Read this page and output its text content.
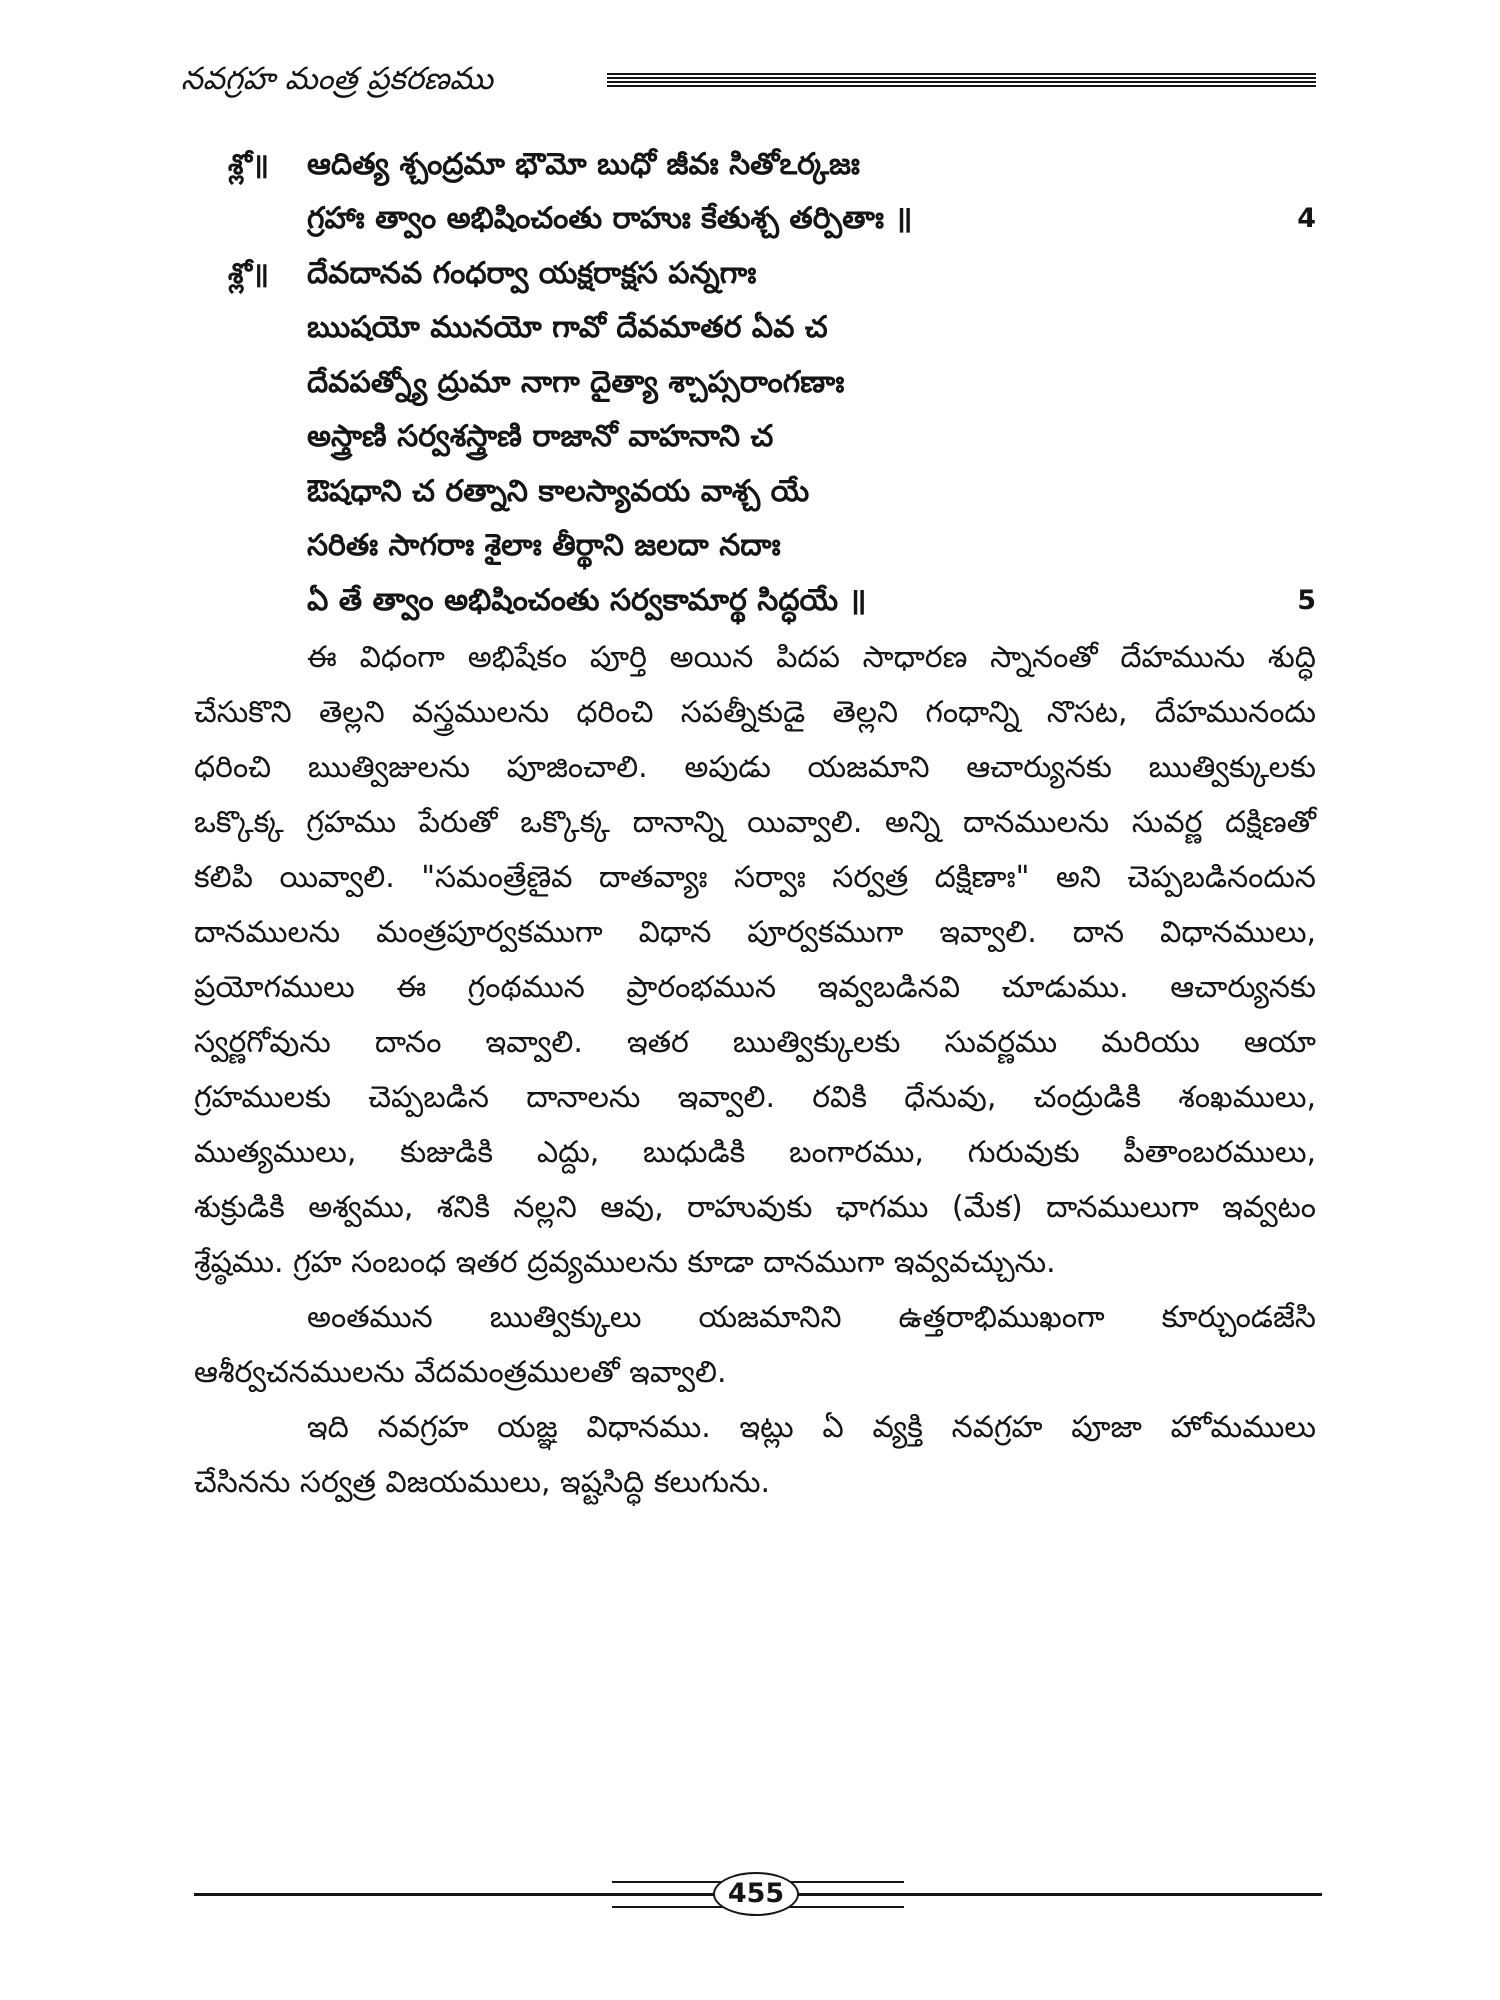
నవగ్రహ మంత్ర ప్రకరణము
శ్లో॥	ఆదిత్య శ్చంద్రమా భౌమో బుధో జీవః సితోఽర్కజః
గ్రహాః త్వాం అభిషించంతు రాహుః కేతుశ్చ తర్పితాః ॥	4
శ్లో॥	దేవదానవ గంధర్వా యక్షరాక్షస పన్నగాః
ఋషయో మునయో గావో దేవమాతర ఏవ చ
దేవపత్న్యో ద్రుమా నాగా దైత్యా శ్చాప్సరాంగణాః
అస్త్రాణి సర్వశస్త్రాణి రాజానో వాహనాని చ
ఔషధాని చ రత్నాని కాలస్యావయ వాశ్చ యే
సరితః సాగరాః శైలాః తీర్థాని జలదా నదాః
ఏ తే త్వాం అభిషించంతు సర్వకామార్థ సిద్ధయే ॥	5
ఈ విధంగా అభిషేకం పూర్తి అయిన పిదప సాధారణ స్నానంతో దేహమును శుద్ధి
చేసుకొని తెల్లని వస్త్రములను ధరించి సపత్నీకుడై తెల్లని గంధాన్ని నొసట, దేహమునందు
ధరించి ఋత్విజులను పూజించాలి. అపుడు యజమాని ఆచార్యునకు ఋత్విక్కులకు
ఒక్కొక్క గ్రహము పేరుతో ఒక్కొక్క దానాన్ని యివ్వాలి. అన్ని దానములను సువర్ణ దక్షిణతో
కలిపి యివ్వాలి. "సమంత్రేణైవ దాతవ్యాః సర్వాః సర్వత్ర దక్షిణాః" అని చెప్పబడినందున
దానములను మంత్రపూర్వకముగా విధాన పూర్వకముగా ఇవ్వాలి. దాన విధానములు,
ప్రయోగములు ఈ గ్రంథమున ప్రారంభమున ఇవ్వబడినవి చూడుము. ఆచార్యునకు
స్వర్ణగోవును దానం ఇవ్వాలి. ఇతర ఋత్విక్కులకు సువర్ణము మరియు ఆయా
గ్రహములకు చెప్పబడిన దానాలను ఇవ్వాలి. రవికి ధేనువు, చంద్రుడికి శంఖములు,
ముత్యములు, కుజుడికి ఎద్దు, బుధుడికి బంగారము, గురువుకు పీతాంబరములు,
శుక్రుడికి అశ్వము, శనికి నల్లని ఆవు, రాహువుకు ఛాగము (మేక) దానములుగా ఇవ్వటం
శ్రేష్ఠము. గ్రహ సంబంధ ఇతర ద్రవ్యములను కూడా దానముగా ఇవ్వవచ్చును.
అంతమున ఋత్విక్కులు యజమానిని ఉత్తరాభిముఖంగా కూర్చుండజేసి
ఆశీర్వచనములను వేదమంత్రములతో ఇవ్వాలి.
ఇది నవగ్రహ యజ్ఞ విధానము. ఇట్లు ఏ వ్యక్తి నవగ్రహ పూజా హోమములు
చేసినను సర్వత్ర విజయములు, ఇష్టసిద్ధి కలుగును.
455
